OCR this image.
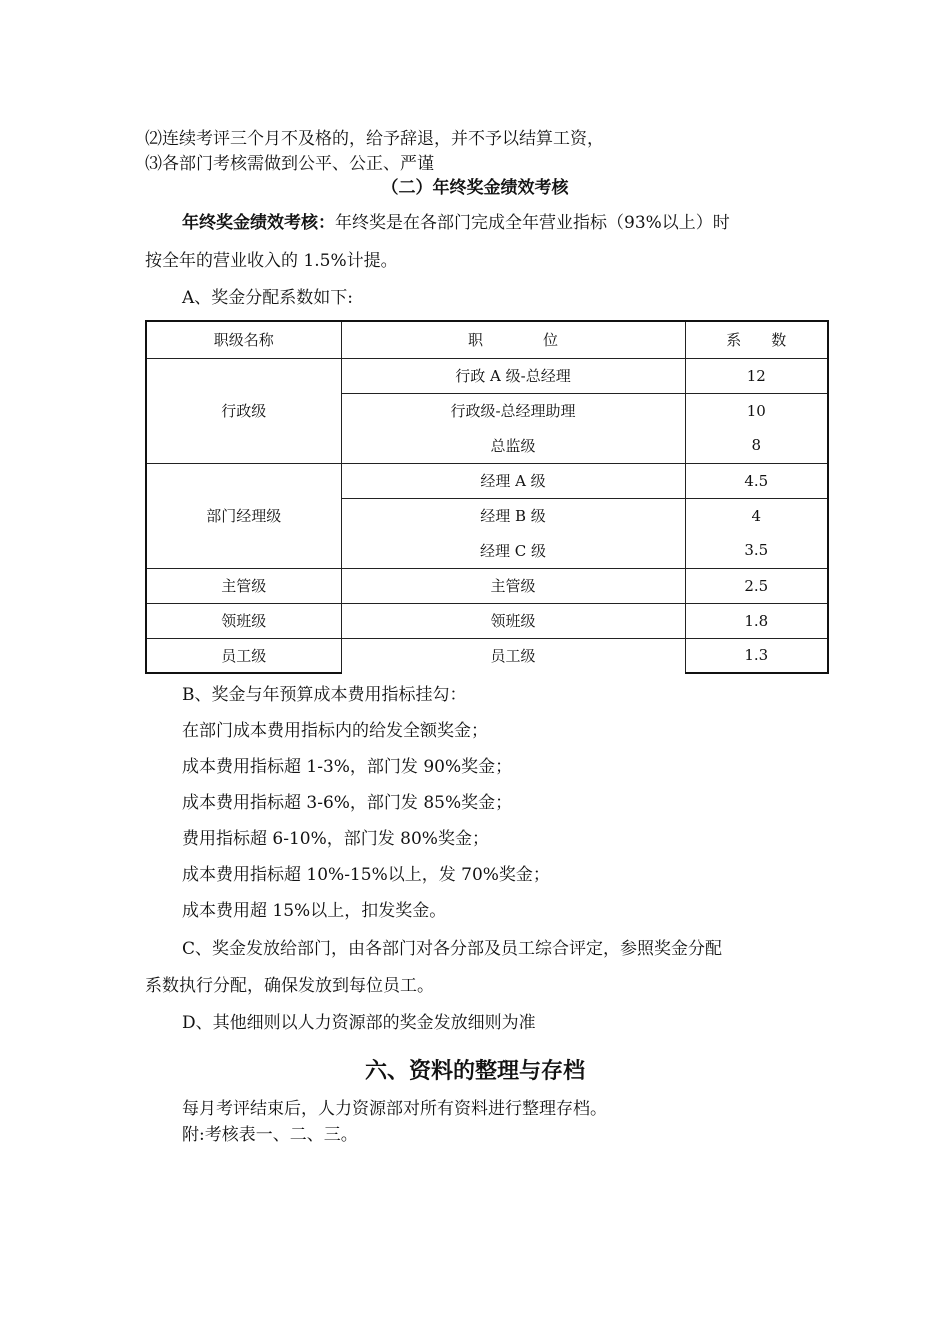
⑵连续考评三个月不及格的，给予辞退，并不予以结算工资，
⑶各部门考核需做到公平、公正、严谨
（二）年终奖金绩效考核
年终奖金绩效考核：年终奖是在各部门完成全年营业指标（93%以上）时
按全年的营业收入的 1.5%计提。
A、奖金分配系数如下:
职级名称	职　　　　位	系　　数
行政级	行政 A 级-总经理	12
	行政级-总经理助理	10
	总监级	8
部门经理级	经理 A 级	4.5
	经理 B 级	4
	经理 C 级	3.5
主管级	主管级	2.5
领班级	领班级	1.8
员工级	员工级	1.3
B、奖金与年预算成本费用指标挂勾：
在部门成本费用指标内的给发全额奖金；
成本费用指标超 1-3%，部门发 90%奖金；
成本费用指标超 3-6%，部门发 85%奖金；
费用指标超 6-10%，部门发 80%奖金；
成本费用指标超 10%-15%以上，发 70%奖金；
成本费用超 15%以上，扣发奖金。
C、奖金发放给部门，由各部门对各分部及员工综合评定，参照奖金分配
系数执行分配，确保发放到每位员工。
D、其他细则以人力资源部的奖金发放细则为准
六、资料的整理与存档
每月考评结束后，人力资源部对所有资料进行整理存档。
附:考核表一、二、三。
